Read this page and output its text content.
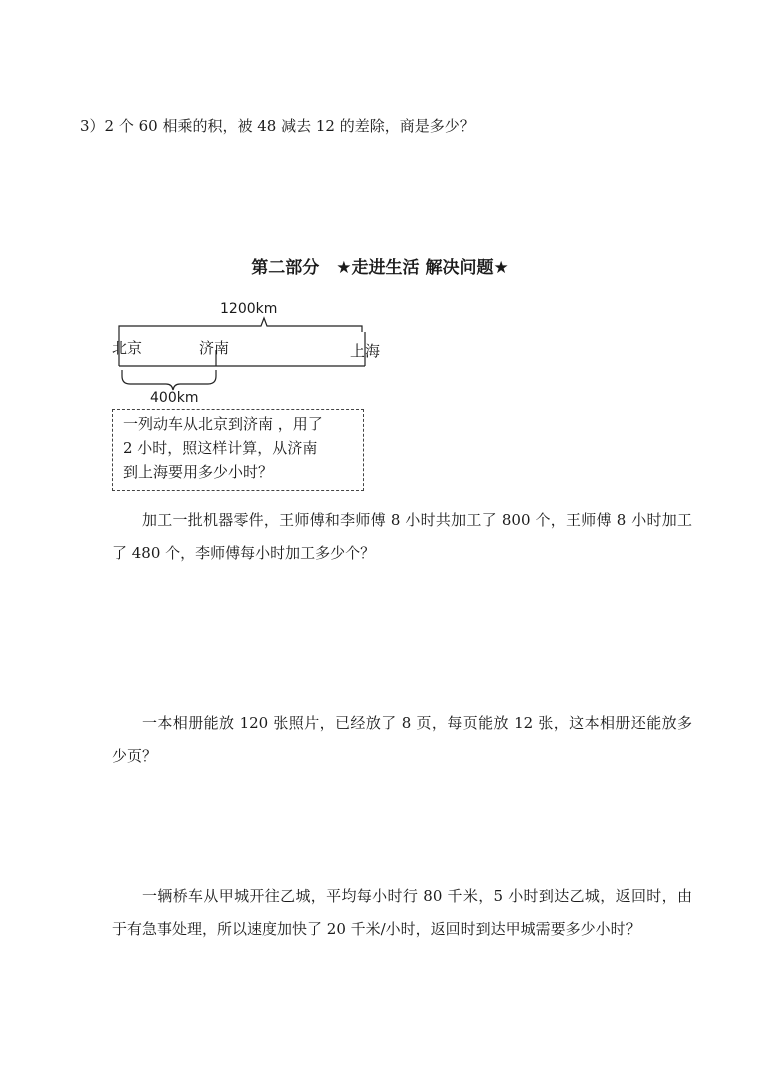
3）2 个 60 相乘的积，被 48 减去 12 的差除，商是多少？
第二部分　★走进生活 解决问题★
1200km
北京	济南	上海
400km
一列动车从北京到济南 ，用了
2 小时，照这样计算，从济南
到上海要用多少小时？
加工一批机器零件，王师傅和李师傅 8 小时共加工了 800 个，王师傅 8 小时加工了 480 个，李师傅每小时加工多少个？
一本相册能放 120 张照片，已经放了 8 页，每页能放 12 张，这本相册还能放多少页？
一辆桥车从甲城开往乙城，平均每小时行 80 千米，5 小时到达乙城，返回时，由于有急事处理，所以速度加快了 20 千米/小时，返回时到达甲城需要多少小时？
